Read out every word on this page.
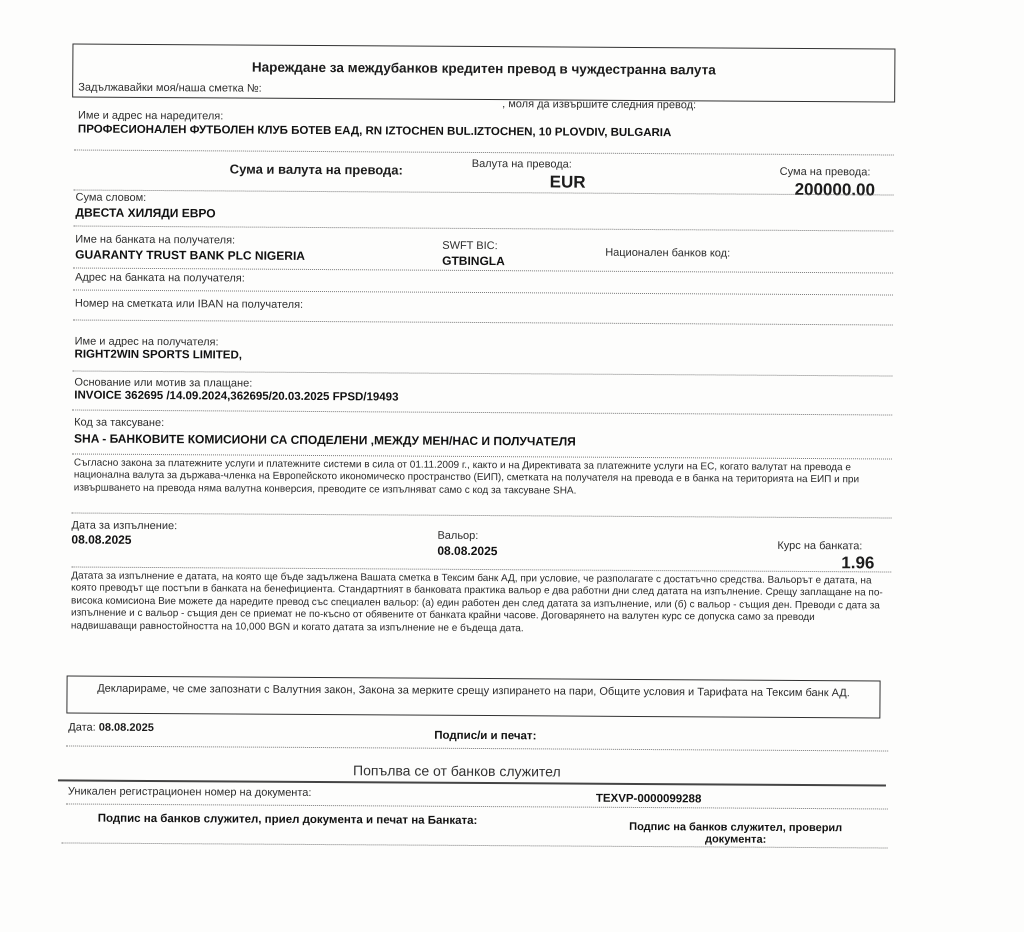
Нареждане за междубанков кредитен превод в чуждестранна валута
Задължавайки моя/наша сметка №:
, моля да извършите следния превод:
Име и адрес на наредителя:
ПРОФЕСИОНАЛЕН ФУТБОЛЕН КЛУБ БОТЕВ ЕАД, RN IZTOCHEN BUL.IZTOCHEN, 10 PLOVDIV, BULGARIA
Сума и валута на превода:	Валута на превода:
EUR
Сума на превода:
200000.00
Сума словом:
ДВЕСТА ХИЛЯДИ ЕВРО
Име на банката на получателя:
GUARANTY TRUST BANK PLC NIGERIA
SWFT BIC:
GTBINGLA
Национален банков код:
Адрес на банката на получателя:
Номер на сметката или IBAN на получателя:
Име и адрес на получателя:
RIGHT2WIN SPORTS LIMITED,
Основание или мотив за плащане:
INVOICE 362695 /14.09.2024,362695/20.03.2025 FPSD/19493
Код за таксуване:
SHA - БАНКОВИТЕ КОМИСИОНИ СА СПОДЕЛЕНИ ,МЕЖДУ МЕН/НАС И ПОЛУЧАТЕЛЯ
Съгласно закона за платежните услуги и платежните системи в сила от 01.11.2009 г., както и на Директивата за платежните услуги на ЕС, когато валутат на превода е национална валута за държава-членка на Европейското икономическо пространство (ЕИП), сметката на получателя на превода е в банка на територията на ЕИП и при извършването на превода няма валутна конверсия, преводите се изпълняват само с код за таксуване SHA.
Дата за изпълнение:
08.08.2025	Вальор:
08.08.2025	Курс на банката:
1.96
Датата за изпълнение е датата, на която ще бъде задължена Вашата сметка в Тексим банк АД, при условие, че разполагате с достатъчно средства. Вальорът е датата, на която преводът ще постъпи в банката на бенефициента. Стандартният в банковата практика вальор е два работни дни след датата на изпълнение. Срещу заплащане на по-висока комисиона Вие можете да наредите превод със специален вальор: (а) един работен ден след датата за изпълнение, или (б) с вальор - същия ден. Преводи с дата за изпълнение и с вальор - същия ден се приемат не по-късно от обявените от банката крайни часове. Договарянето на валутен курс се допуска само за преводи надвишаващи равностойността на 10,000 BGN и когато датата за изпълнение не е бъдеща дата.
Декларираме, че сме запознати с Валутния закон, Закона за мерките срещу изпирането на пари, Общите условия и Тарифата на Тексим банк АД.
Дата: 08.08.2025
Подпис/и и печат:
Попълва се от банков служител
Уникален регистрационен номер на документа:
TEXVP-0000099288
Подпис на банков служител, приел документа и печат на Банката:
Подпис на банков служител, проверил
документа:
